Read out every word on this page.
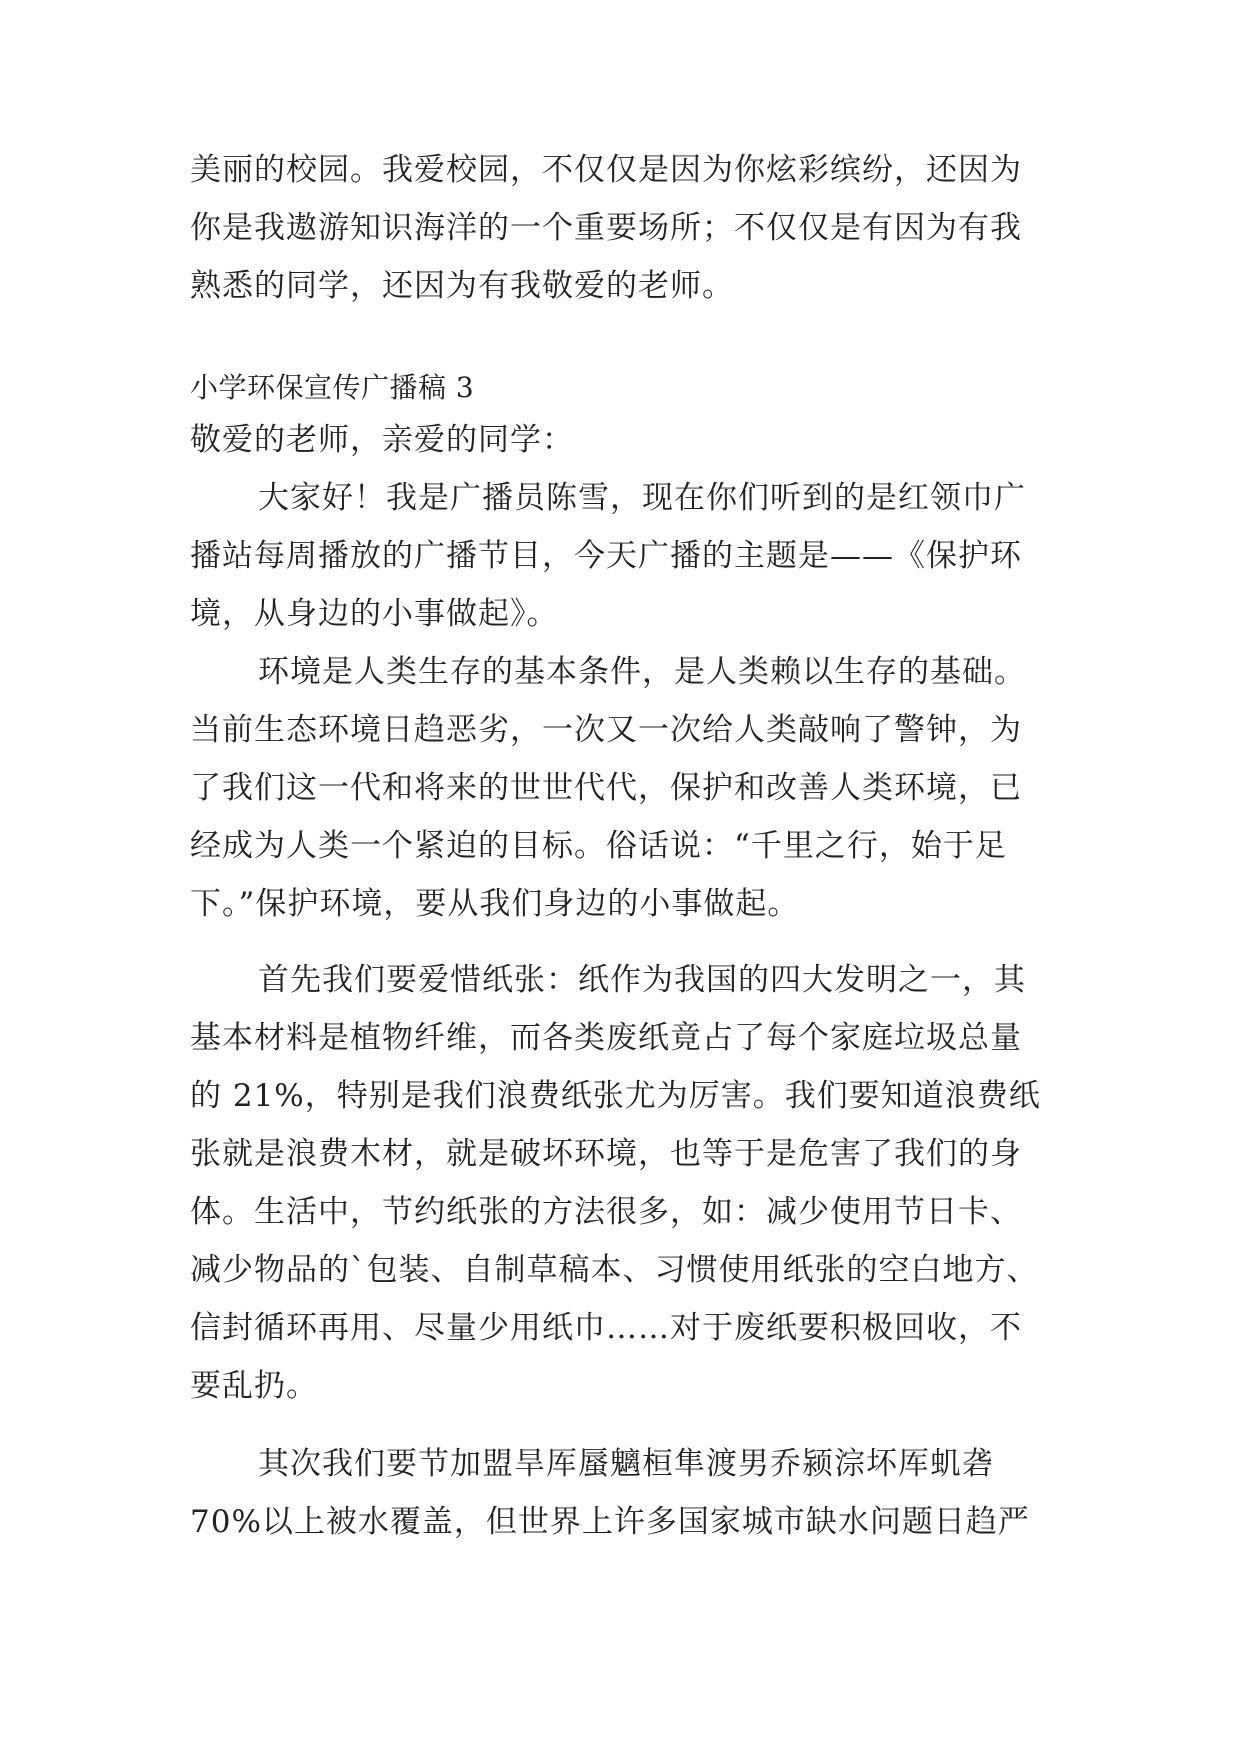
美丽的校园。我爱校园，不仅仅是因为你炫彩缤纷，还因为
你是我遨游知识海洋的一个重要场所；不仅仅是有因为有我
熟悉的同学，还因为有我敬爱的老师。
小学环保宣传广播稿 3
敬爱的老师，亲爱的同学：
大家好！我是广播员陈雪，现在你们听到的是红领巾广
播站每周播放的广播节目，今天广播的主题是——《保护环
境，从身边的小事做起》。
环境是人类生存的基本条件，是人类赖以生存的基础。
当前生态环境日趋恶劣，一次又一次给人类敲响了警钟，为
了我们这一代和将来的世世代代，保护和改善人类环境，已
经成为人类一个紧迫的目标。俗话说：“千里之行，始于足
下。”保护环境，要从我们身边的小事做起。
首先我们要爱惜纸张：纸作为我国的四大发明之一，其
基本材料是植物纤维，而各类废纸竟占了每个家庭垃圾总量
的 21%，特别是我们浪费纸张尤为厉害。我们要知道浪费纸
张就是浪费木材，就是破坏环境，也等于是危害了我们的身
体。生活中，节约纸张的方法很多，如：减少使用节日卡、
减少物品的`包装、自制草稿本、习惯使用纸张的空白地方、
信封循环再用、尽量少用纸巾……对于废纸要积极回收，不
要乱扔。
其次我们要节加盟旱厍蜃魑桓隼渡男乔颍淙坏厍虮砻
70%以上被水覆盖，但世界上许多国家城市缺水问题日趋严
